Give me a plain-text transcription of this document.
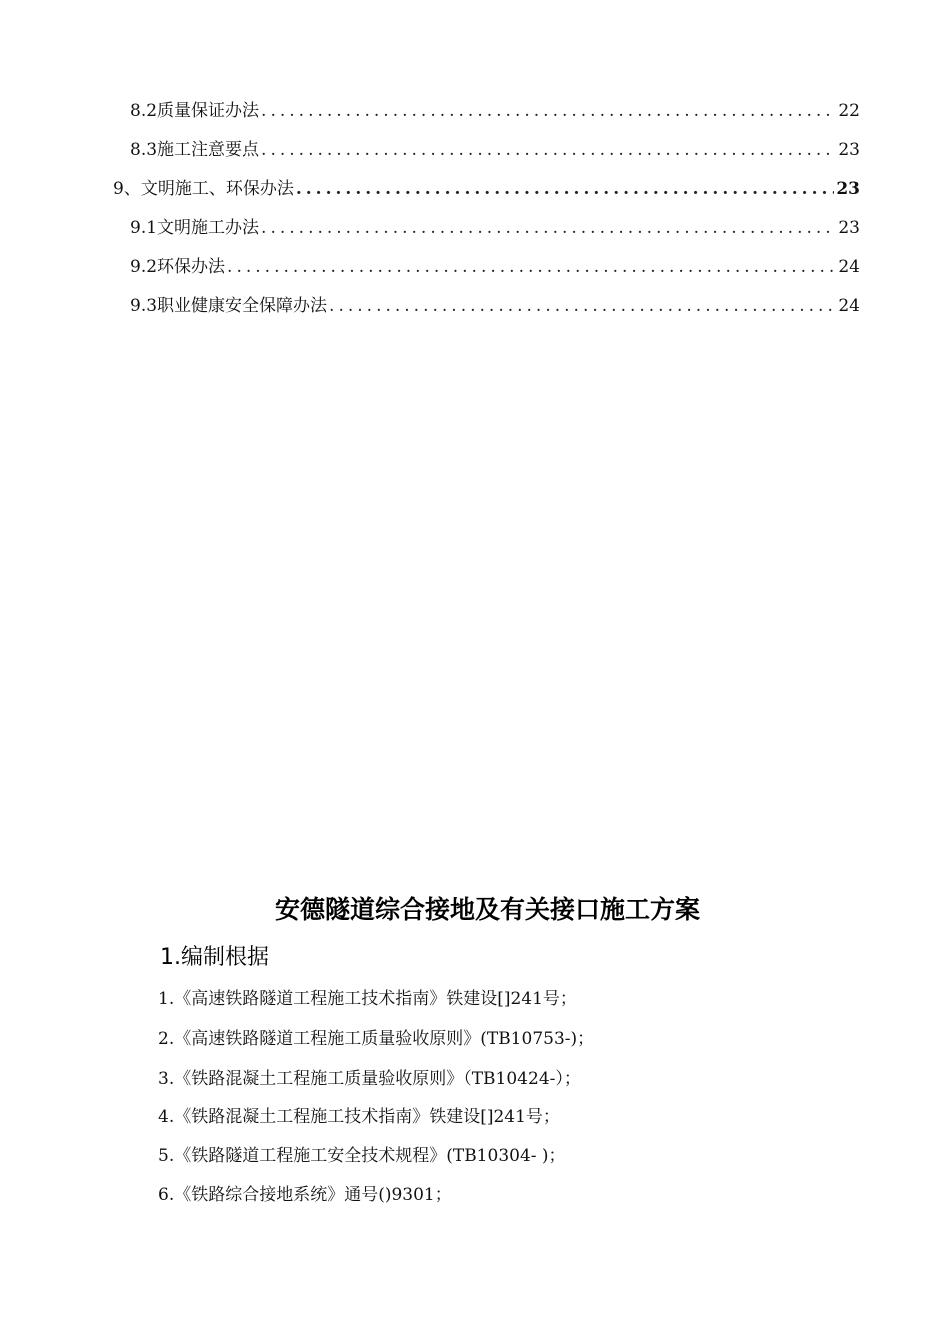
8.2质量保证办法 .....	22
8.3施工注意要点 .....	23
9、文明施工、环保办法 .....	23
9.1文明施工办法 .....	23
9.2环保办法 .....	24
9.3职业健康安全保障办法 .....	24
安德隧道综合接地及有关接口施工方案
1.编制根据
1.《高速铁路隧道工程施工技术指南》铁建设[]241号；
2.《高速铁路隧道工程施工质量验收原则》(TB10753-)；
3.《铁路混凝土工程施工质量验收原则》（TB10424-）；
4.《铁路混凝土工程施工技术指南》铁建设[]241号；
5.《铁路隧道工程施工安全技术规程》(TB10304- )；
6.《铁路综合接地系统》通号()9301；
